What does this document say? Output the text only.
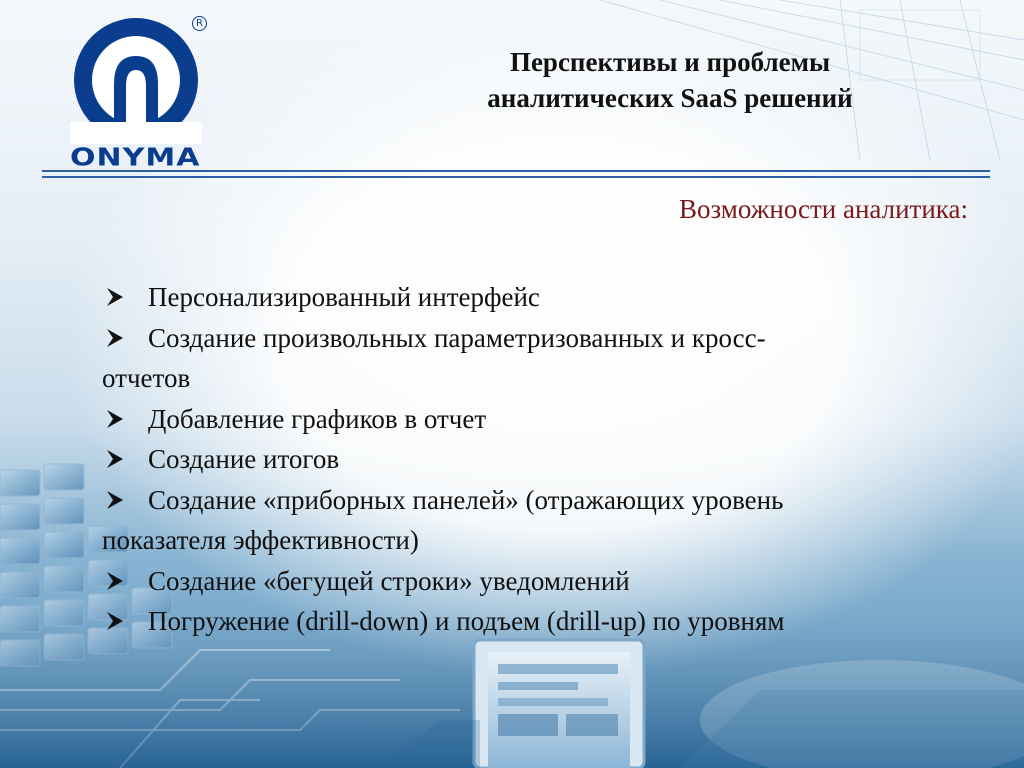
R
ONYMA
Перспективы и проблемы
аналитических SaaS решений
Возможности аналитика:
Персонализированный интерфейс
Создание произвольных параметризованных и кросс-
отчетов
Добавление графиков в отчет
Создание итогов
Создание «приборных панелей» (отражающих уровень
показателя эффективности)
Создание «бегущей строки» уведомлений
Погружение (drill-down) и подъем (drill-up) по уровням
